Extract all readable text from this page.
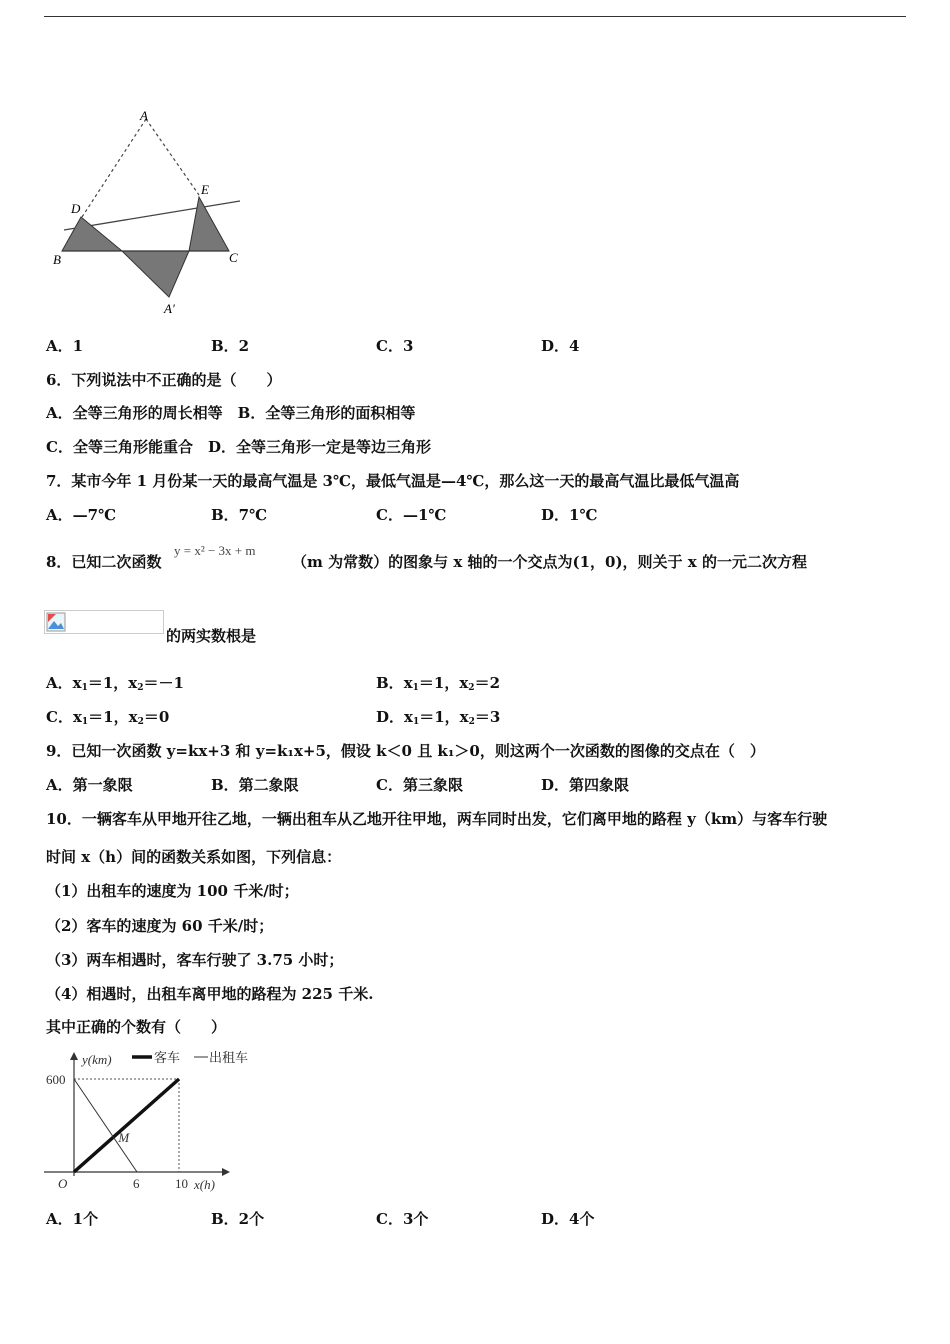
A
E
D
B	C
A′
A．1	B．2	C．3	D．4
6．下列说法中不正确的是（　　）
A．全等三角形的周长相等　B．全等三角形的面积相等
C．全等三角形能重合　D．全等三角形一定是等边三角形
7．某市今年 1 月份某一天的最高气温是 3℃，最低气温是—4℃，那么这一天的最高气温比最低气温高
A．—7℃	B．7℃	C．—1℃	D．1℃
8．已知二次函数
y = x² − 3x + m
（m 为常数）的图象与 x 轴的一个交点为(1，0)，则关于 x 的一元二次方程
的两实数根是
A．$x_1=1$，$x_2=-1$	B．$x_1=1$，$x_2=2$
C．$x_1=1$，$x_2=0$	D．$x_1=1$，$x_2=3$
9．已知一次函数 y=kx+3 和 y=k₁x+5，假设 k＜0 且 k₁＞0，则这两个一次函数的图像的交点在（　）
A．第一象限	B．第二象限	C．第三象限	D．第四象限
10．一辆客车从甲地开往乙地，一辆出租车从乙地开往甲地，两车同时出发，它们离甲地的路程 y（km）与客车行驶
时间 x（h）间的函数关系如图，下列信息：
（1）出租车的速度为 100 千米/时；
（2）客车的速度为 60 千米/时；
（3）两车相遇时，客车行驶了 3.75 小时；
（4）相遇时，出租车离甲地的路程为 225 千米.
其中正确的个数有（　　）
y(km)
x(h)
客车 出租车
M
600
O	6	10
A．1个	B．2个	C．3个	D．4个
